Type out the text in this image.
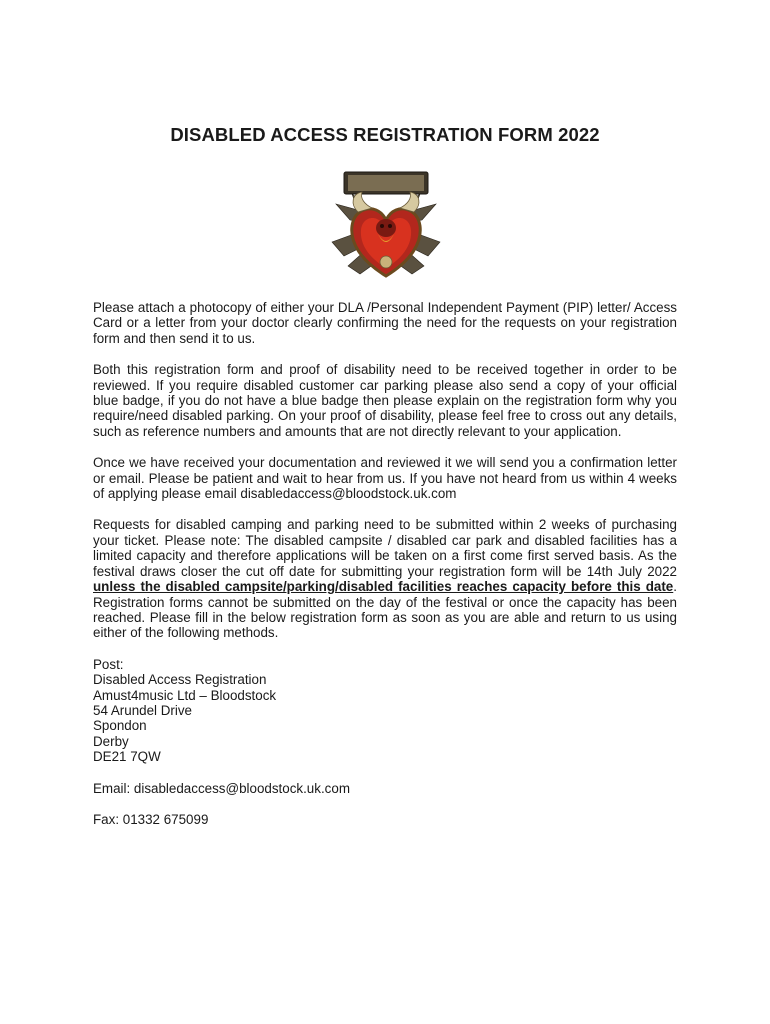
DISABLED ACCESS REGISTRATION FORM 2022

Please attach a photocopy of either your DLA /Personal Independent Payment (PIP) letter/ Access Card or a letter from your doctor clearly confirming the need for the requests on your registration form and then send it to us.

Both this registration form and proof of disability need to be received together in order to be reviewed. If you require disabled customer car parking please also send a copy of your official blue badge, if you do not have a blue badge then please explain on the registration form why you require/need disabled parking. On your proof of disability, please feel free to cross out any details, such as reference numbers and amounts that are not directly relevant to your application.

Once we have received your documentation and reviewed it we will send you a confirmation letter or email. Please be patient and wait to hear from us. If you have not heard from us within 4 weeks of applying please email disabledaccess@bloodstock.uk.com

Requests for disabled camping and parking need to be submitted within 2 weeks of purchasing your ticket. Please note: The disabled campsite / disabled car park and disabled facilities has a limited capacity and therefore applications will be taken on a first come first served basis. As the festival draws closer the cut off date for submitting your registration form will be 14th July 2022 unless the disabled campsite/parking/disabled facilities reaches capacity before this date. Registration forms cannot be submitted on the day of the festival or once the capacity has been reached. Please fill in the below registration form as soon as you are able and return to us using either of the following methods.

Post:
Disabled Access Registration
Amust4music Ltd – Bloodstock
54 Arundel Drive
Spondon
Derby
DE21 7QW

Email: disabledaccess@bloodstock.uk.com

Fax: 01332 675099
